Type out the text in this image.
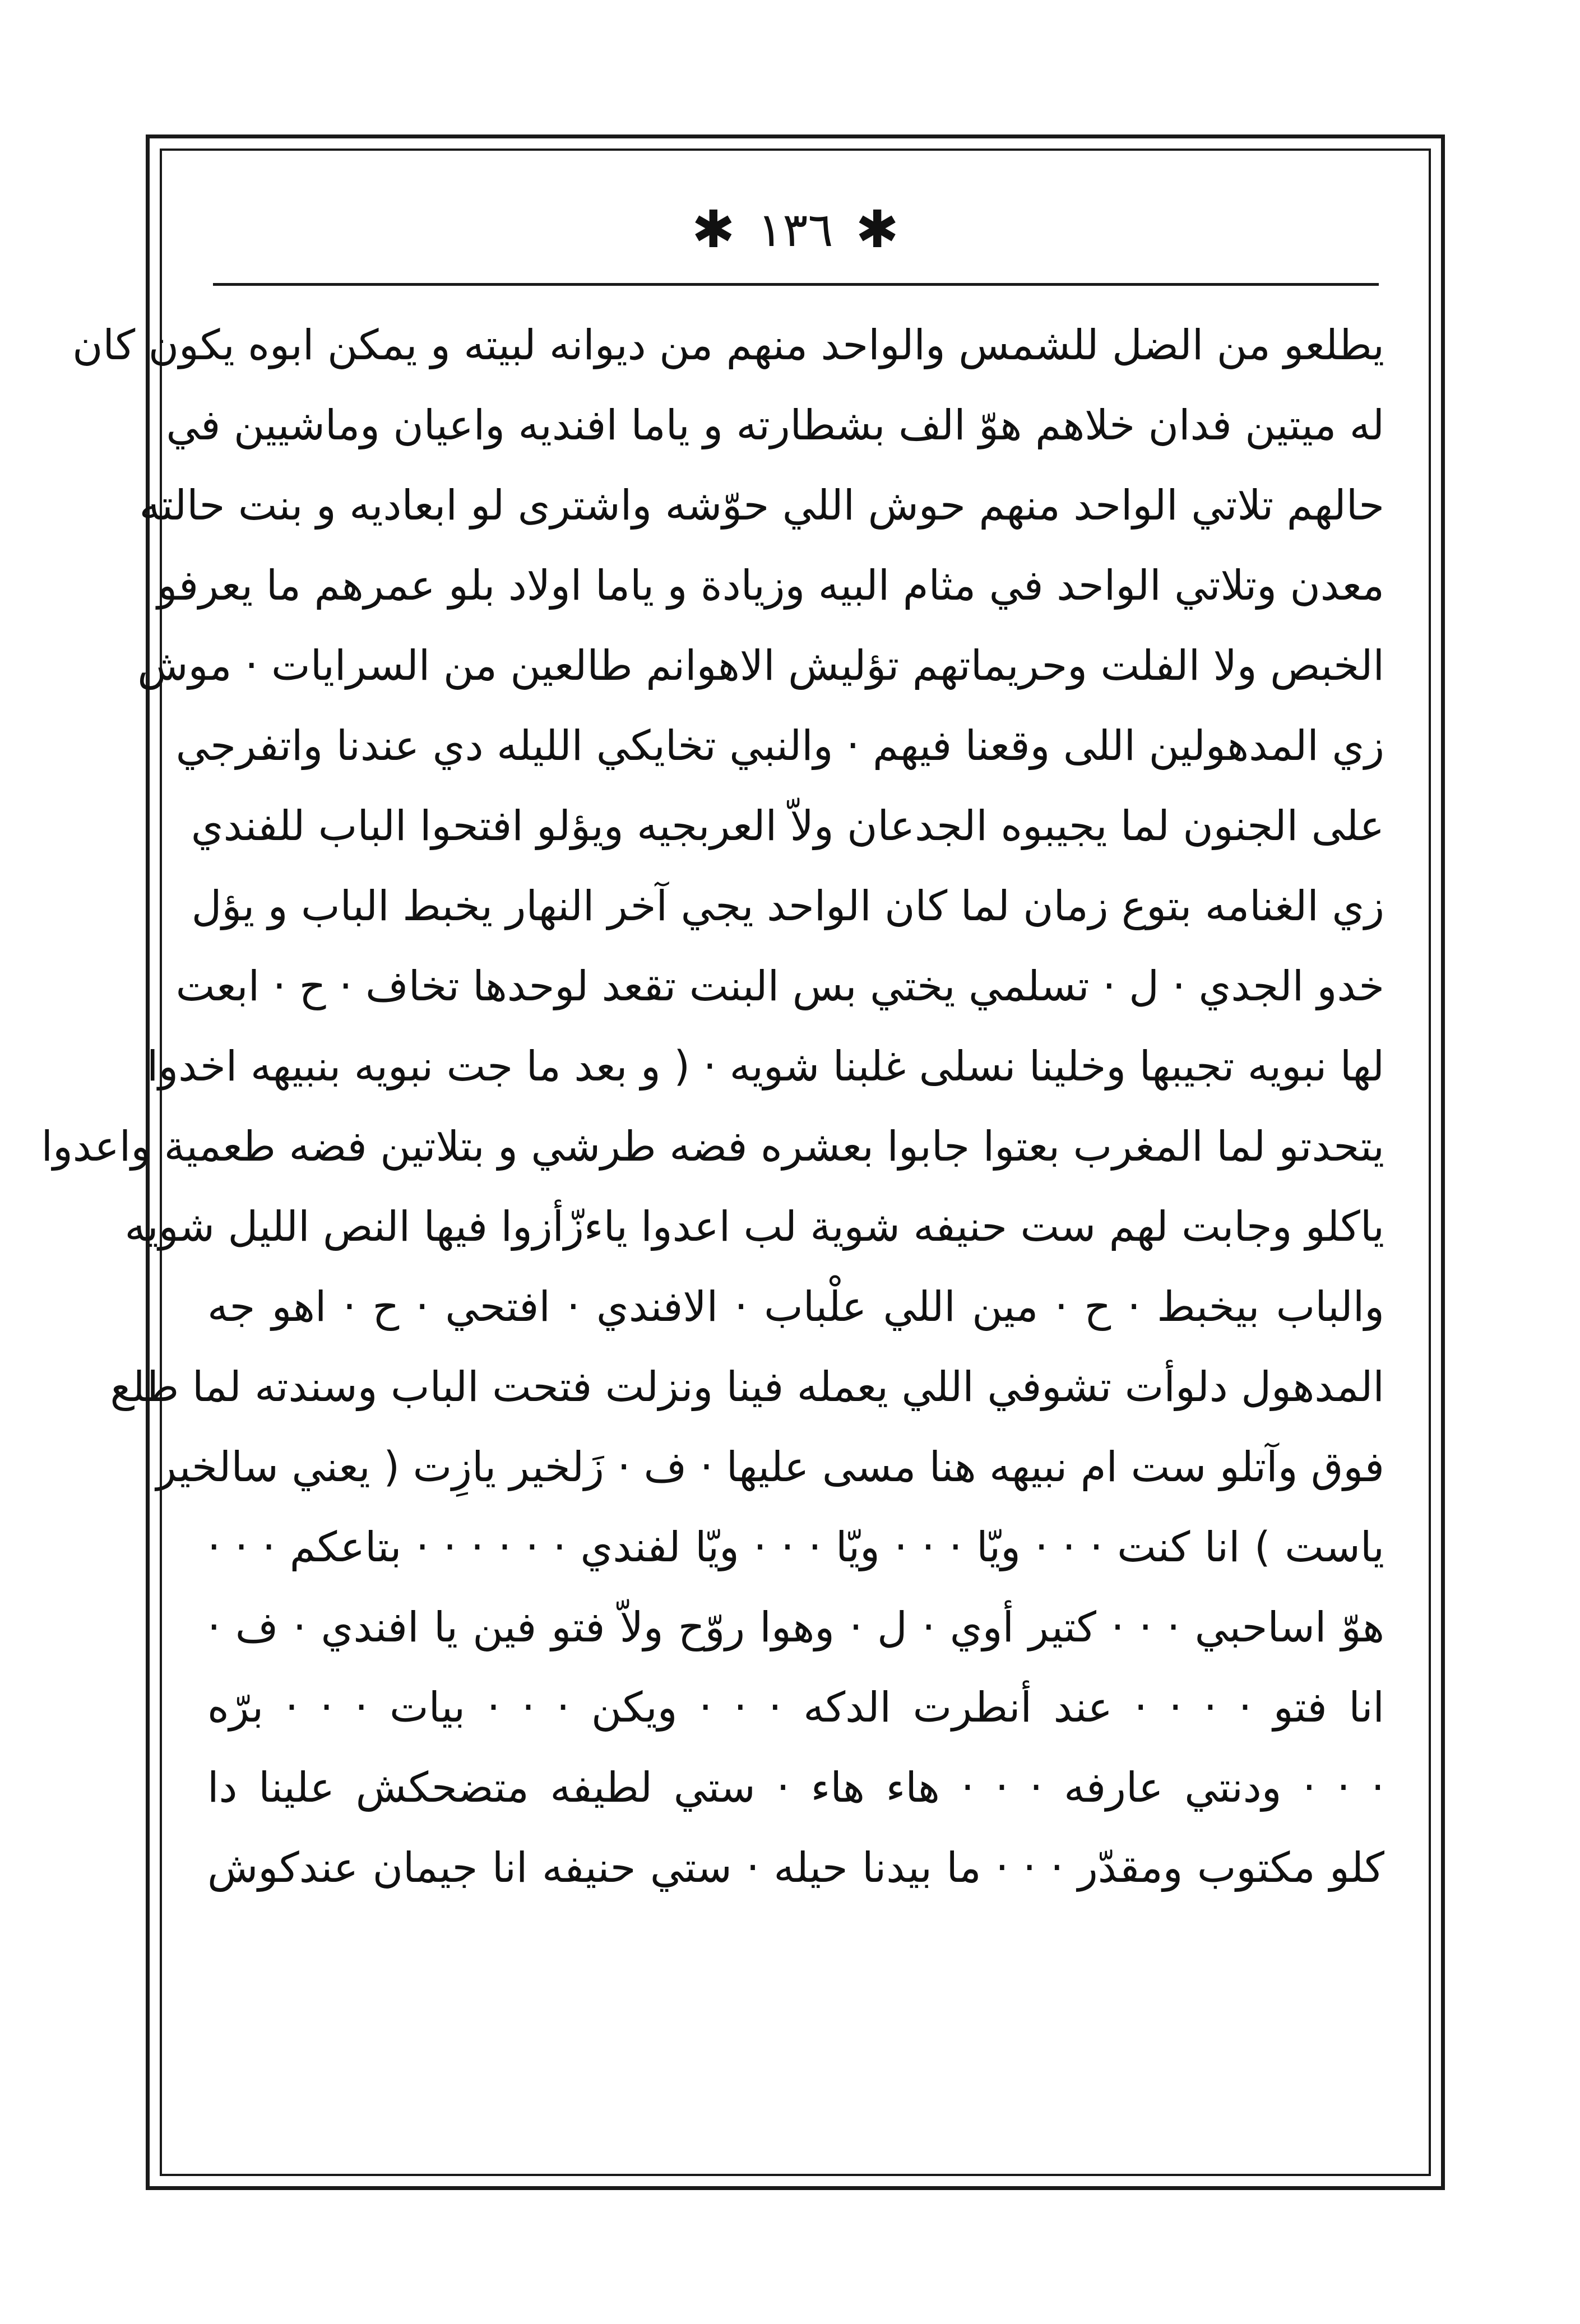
✱ ١٣٦ ✱
يطلعو من الضل للشمس والواحد منهم من ديوانه لبيته و يمكن ابوه يكون كان
له ميتين فدان خلاهم هوّ الف بشطارته و ياما افنديه واعيان وماشيين في
حالهم تلاتي الواحد منهم حوش اللي حوّشه واشترى لو ابعاديه و بنت حالته
معدن وتلاتي الواحد في مثام البيه وزيادة و ياما اولاد بلو عمرهم ما يعرفو
الخبص ولا الفلت وحريماتهم تؤليش الاهوانم طالعين من السرايات · موش
زي المدهولين اللى وقعنا فيهم · والنبي تخايكي الليله دي عندنا واتفرجي
على الجنون لما يجيبوه الجدعان ولاّ العربجيه ويؤلو افتحوا الباب للفندي
زي الغنامه بتوع زمان لما كان الواحد يجي آخر النهار يخبط الباب و يؤل
خدو الجدي · ل · تسلمي يختي بس البنت تقعد لوحدها تخاف · ح · ابعت
لها نبويه تجيبها وخلينا نسلى غلبنا شويه · ( و بعد ما جت نبويه بنبيهه اخدوا
يتحدتو لما المغرب بعتوا جابوا بعشره فضه طرشي و بتلاتين فضه طعمية واعدوا
ياكلو وجابت لهم ست حنيفه شوية لب اعدوا ياءزّأزوا فيها النص الليل شويه
والباب بيخبط · ح · مين اللي علْباب · الافندي · افتحي · ح · اهو جه
المدهول دلوأت تشوفي اللي يعمله فينا ونزلت فتحت الباب وسندته لما طلع
فوق وآتلو ست ام نبيهه هنا مسى عليها · ف · زَلخير يازِت ( يعني سالخير
ياست ) انا كنت · · · ويّا · · · ويّا · · · ويّا لفندي · · · · · · بتاعكم · · ·
هوّ اساحبي · · · كتير أوي · ل · وهوا روّح ولاّ فتو فين يا افندي · ف ·
انا فتو · · · · عند أنطرت الدكه · · · ويكن · · · بيات · · · برّه
· · · ودنتي عارفه · · · هاء هاء · ستي لطيفه متضحكش علينا دا
كلو مكتوب ومقدّر · · · ما بيدنا حيله · ستي حنيفه انا جيمان عندكوش
